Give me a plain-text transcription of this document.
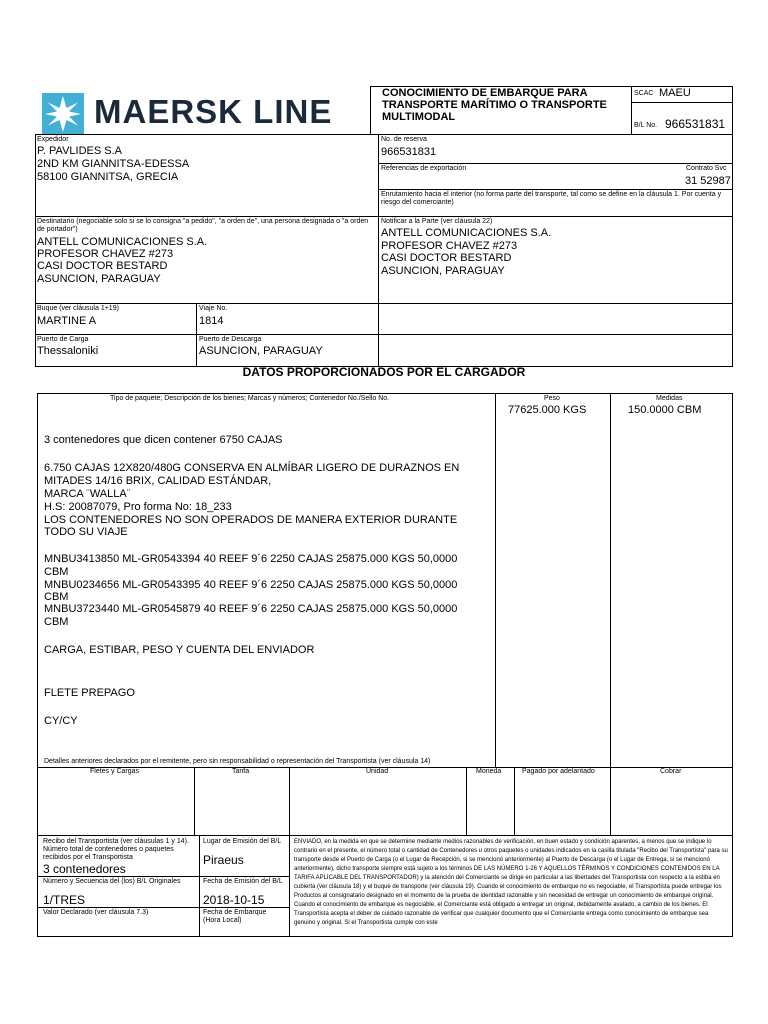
MAERSK LINE	CONOCIMIENTO DE EMBARQUE PARA
TRANSPORTE MARÍTIMO O TRANSPORTE
MULTIMODAL
SCAC MAEU
B/L No. 966531831
Expedidor
P. PAVLIDES S.A
2ND KM GIANNITSA-EDESSA
58100 GIANNITSA, GRECIA
No. de reserva
966531831
Referencias de exportación	Contrato Svc
31 52987
Enrutamiento hacia el interior (no forma parte del transporte, tal como se define en la cláusula 1. Por cuenta y riesgo del comerciante)
Destinatario (negociable solo si se lo consigna "a pedido", "a orden de", una persona designada o "a orden de portador")
ANTELL COMUNICACIONES S.A.
PROFESOR CHAVEZ #273
CASI DOCTOR BESTARD
ASUNCION, PARAGUAY
Notificar a la Parte (ver cláusula 22)
ANTELL COMUNICACIONES S.A.
PROFESOR CHAVEZ #273
CASI DOCTOR BESTARD
ASUNCION, PARAGUAY
Buque (ver cláusula 1+19)
MARTINE A
Viaje No.
1814
Puerto de Carga
Thessaloniki
Puerto de Descarga
ASUNCION, PARAGUAY
DATOS PROPORCIONADOS POR EL CARGADOR
Tipo de paquete; Descripción de los bienes; Marcas y números; Contenedor No./Sello No.	Peso
77625.000 KGS
Medidas
150.0000 CBM
3 contenedores que dicen contener 6750 CAJAS
6.750 CAJAS 12X820/480G CONSERVA EN ALMÍBAR LIGERO DE DURAZNOS EN
MITADES 14/16 BRIX, CALIDAD ESTÁNDAR,
MARCA ¨WALLA¨
H.S: 20087079, Pro forma No: 18_233
LOS CONTENEDORES NO SON OPERADOS DE MANERA EXTERIOR DURANTE
TODO SU VIAJE
MNBU3413850 ML-GR0543394 40 REEF 9´6 2250 CAJAS 25875.000 KGS 50,0000
CBM
MNBU0234656 ML-GR0543395 40 REEF 9´6 2250 CAJAS 25875.000 KGS 50,0000
CBM
MNBU3723440 ML-GR0545879 40 REEF 9´6 2250 CAJAS 25875.000 KGS 50,0000
CBM
CARGA, ESTIBAR, PESO Y CUENTA DEL ENVIADOR
FLETE PREPAGO
CY/CY
Detalles anteriores declarados por el remitente, pero sin responsabilidad o representación del Transportista (ver cláusula 14)
Fletes y Cargas	Tarifa	Unidad	Moneda	Pagado por adelantado	Cobrar
Recibo del Transportista (ver cláusulas 1 y 14). Número total de contenedores o paquetes recibidos por el Transportista
3 contenedores
Lugar de Emisión del B/L
Piraeus
Número y Secuencia del (los) B/L Originales
1/TRES
Fecha de Emisión del B/L
2018-10-15
Valor Declarado (ver cláusula 7.3)	Fecha de Embarque (Hora Local)
ENVIADO, en la medida en que se determine mediante medios razonables de verificación, en buen estado y condición aparentes, a menos que se indique lo contrario en el presente, el número total o cantidad de Contenedores u otros paquetes o unidades indicados en la casilla titulada "Recibo del Transportista" para su transporte desde el Puerto de Carga (o el Lugar de Recepción, si se mencionó anteriormente) al Puerto de Descarga (o el Lugar de Entrega, si se mencionó anteriormente), dicho transporte siempre está sujeto a los términos DE LAS NÚMERO 1-26 Y AQUELLOS TÉRMINOS Y CONDICIONES CONTENIDOS EN LA TARIFA APLICABLE DEL TRANSPORTADOR) y la atención del Comerciante se dirige en particular a las libertades del Transportista con respecto a la estiba en cubierta (ver cláusula 18) y el buque de transporte (ver cláusula 19). Cuando el conocimiento de embarque no es negociable, el Transportista puede entregar los Productos al consignatario designado en el momento de la prueba de identidad razonable y sin necesidad de entregar un conocimiento de embarque original. Cuando el conocimiento de embarque es negociable, el Comerciante está obligado a entregar un original, debidamente avalado, a cambio de los bienes. El Transportista acepta el deber de cuidado razonable de verificar que cualquier documento que el Comerciante entrega como conocimiento de embarque sea genuino y original. Si el Transportista cumple con este
